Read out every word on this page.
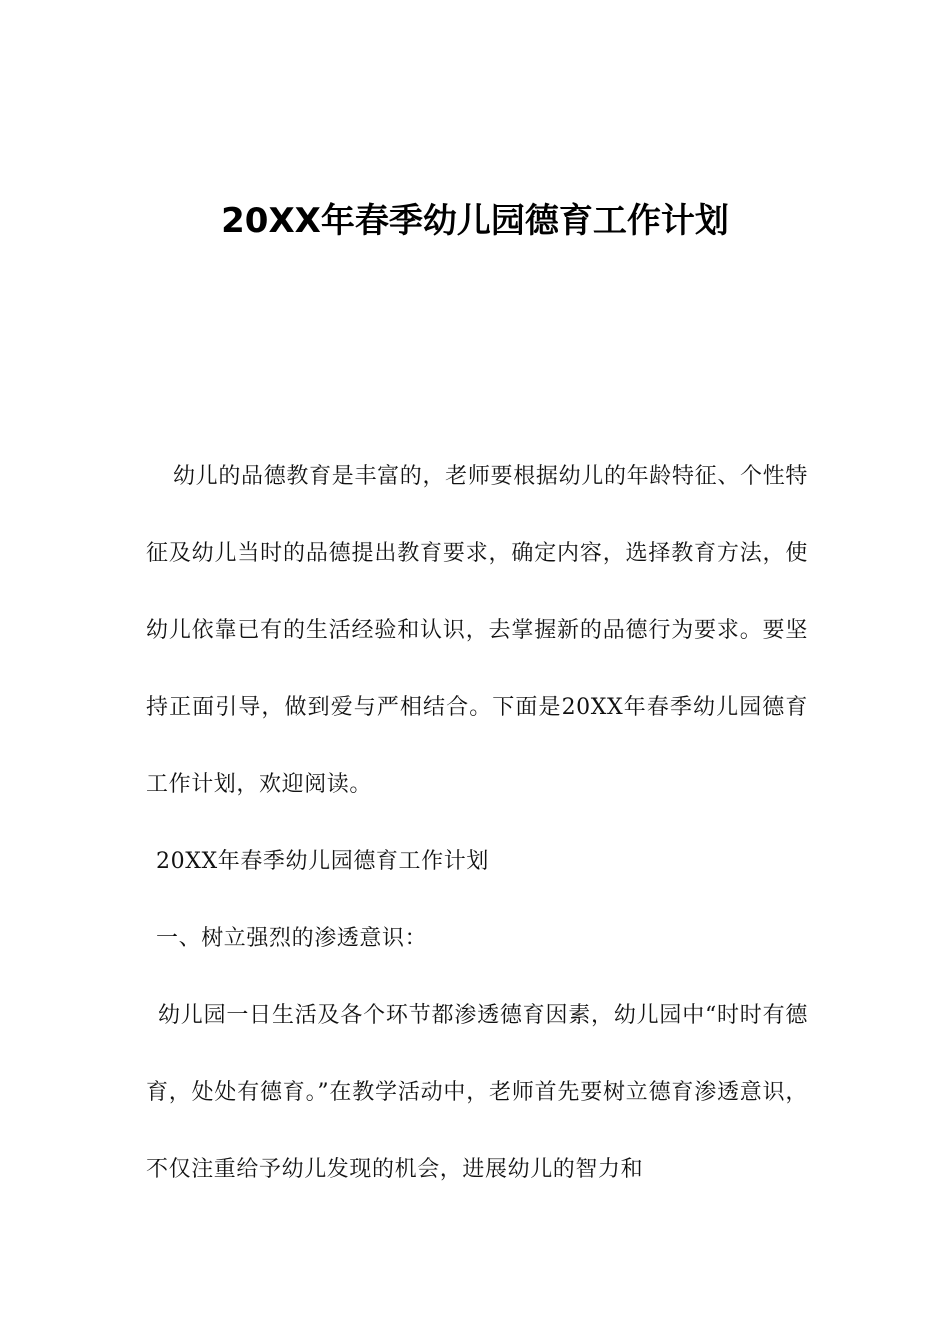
20XX年春季幼儿园德育工作计划

幼儿的品德教育是丰富的，老师要根据幼儿的年龄特征、个性特征及幼儿当时的品德提出教育要求，确定内容，选择教育方法，使幼儿依靠已有的生活经验和认识，去掌握新的品德行为要求。要坚持正面引导，做到爱与严相结合。下面是20XX年春季幼儿园德育工作计划，欢迎阅读。

20XX年春季幼儿园德育工作计划

一、树立强烈的渗透意识：

幼儿园一日生活及各个环节都渗透德育因素，幼儿园中“时时有德育，处处有德育。”在教学活动中，老师首先要树立德育渗透意识，不仅注重给予幼儿发现的机会，进展幼儿的智力和
